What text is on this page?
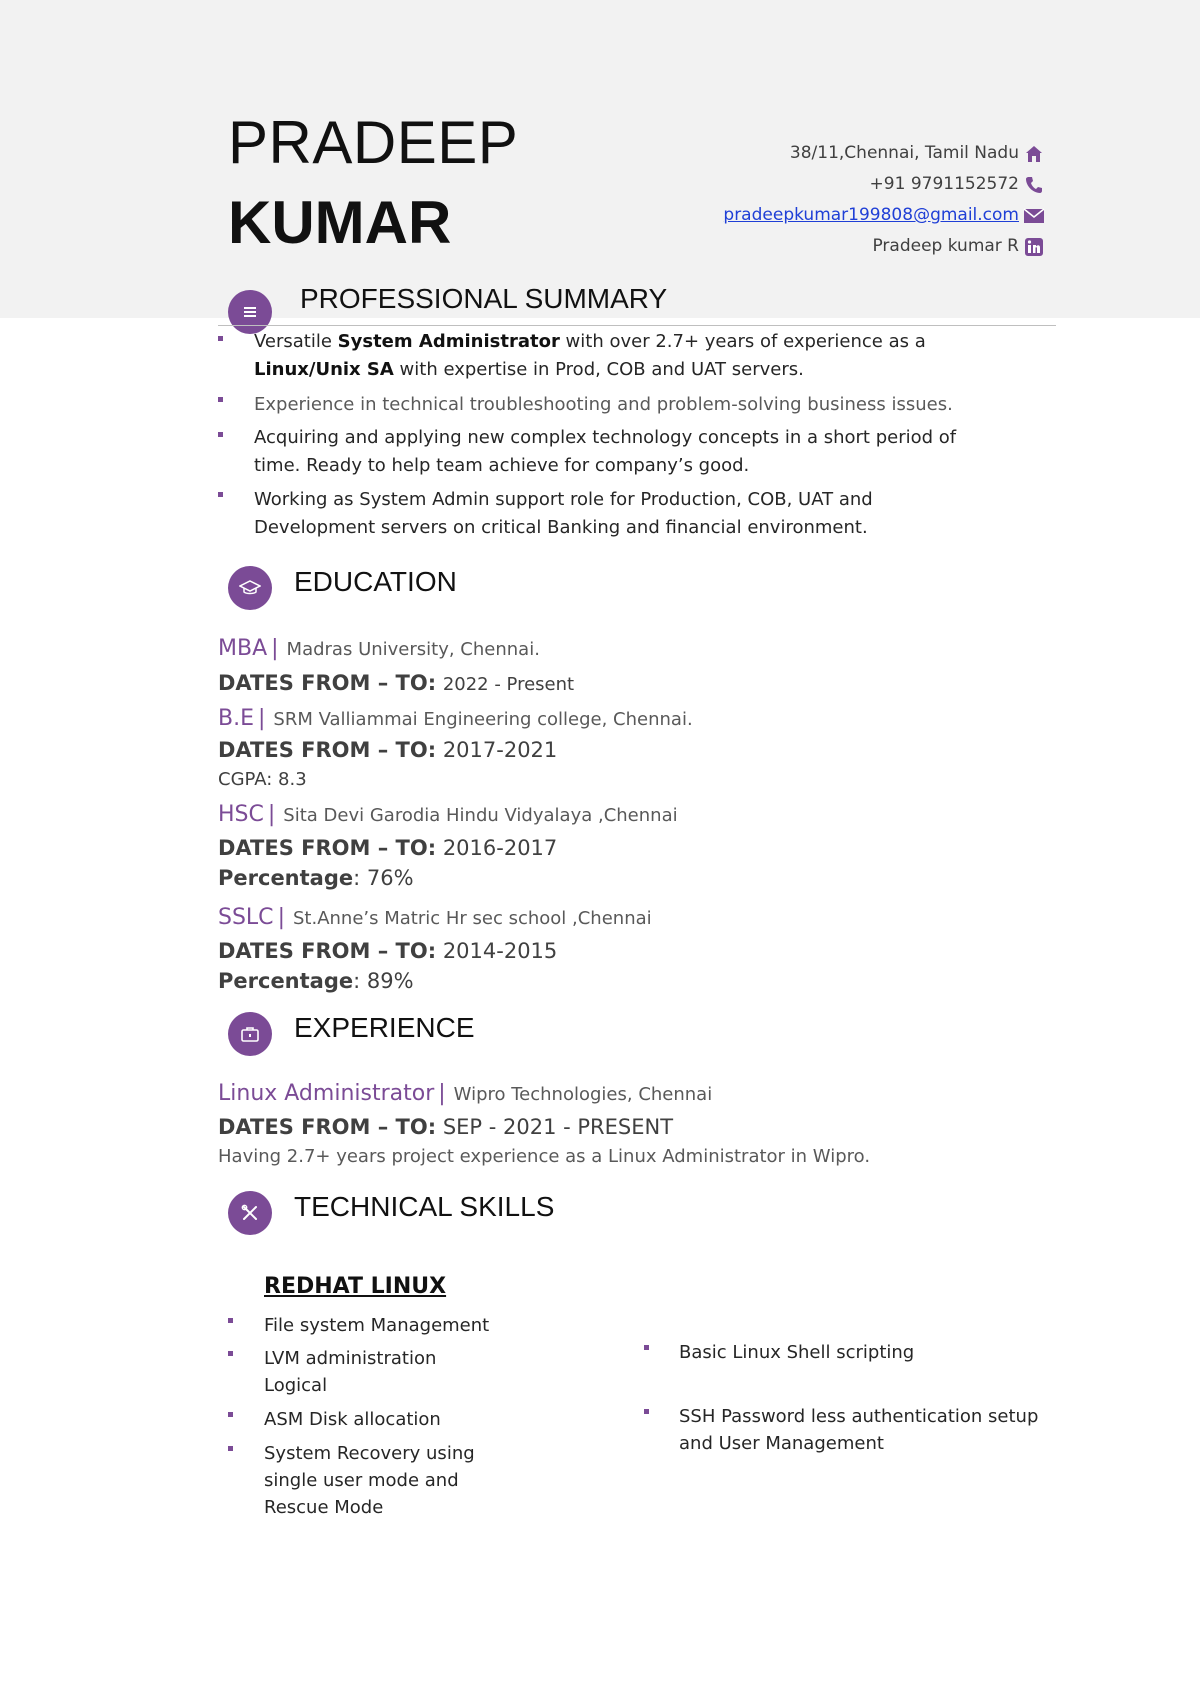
PRADEEP
KUMAR
38/11,Chennai, Tamil Nadu
+91 9791152572
pradeepkumar199808@gmail.com
Pradeep kumar R
PROFESSIONAL SUMMARY
Versatile System Administrator with over 2.7+ years of experience as a Linux/Unix SA with expertise in Prod, COB and UAT servers.
Experience in technical troubleshooting and problem-solving business issues.
Acquiring and applying new complex technology concepts in a short period of time. Ready to help team achieve for company’s good.
Working as System Admin support role for Production, COB, UAT and Development servers on critical Banking and financial environment.
EDUCATION
MBA | Madras University, Chennai.
DATES FROM – TO: 2022 - Present
B.E | SRM Valliammai Engineering college, Chennai.
DATES FROM – TO: 2017-2021
CGPA: 8.3
HSC | Sita Devi Garodia Hindu Vidyalaya ,Chennai
DATES FROM – TO: 2016-2017
Percentage: 76%
SSLC | St.Anne’s Matric Hr sec school ,Chennai
DATES FROM – TO: 2014-2015
Percentage: 89%
EXPERIENCE
Linux Administrator | Wipro Technologies, Chennai
DATES FROM – TO: SEP - 2021 - PRESENT
Having 2.7+ years project experience as a Linux Administrator in Wipro.
TECHNICAL SKILLS
REDHAT LINUX
File system Management
LVM administration Logical
ASM Disk allocation
System Recovery using single user mode and Rescue Mode
Basic Linux Shell scripting
SSH Password less authentication setup and User Management
